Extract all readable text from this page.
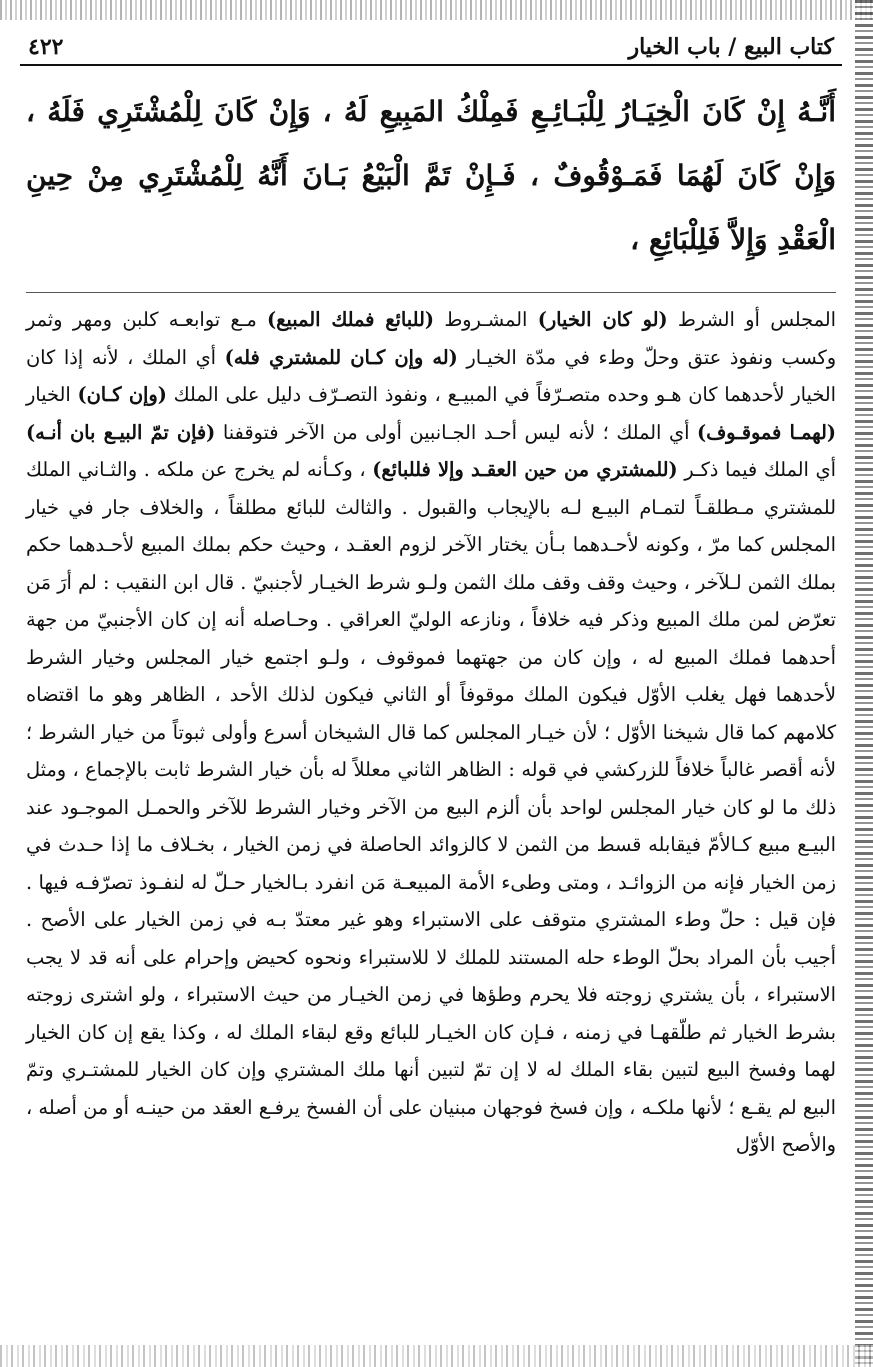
كتاب البيع / باب الخيار
٤٢٢
أَنَّـهُ إِنْ كَانَ الْخِيَـارُ لِلْبَـائِـعِ فَمِلْكُ المَبِيعِ لَهُ ، وَإِنْ كَانَ لِلْمُشْتَرِي فَلَهُ ، وَإِنْ كَانَ لَهُمَا فَمَـوْقُوفٌ ، فَـإِنْ تَمَّ الْبَيْعُ بَـانَ أَنَّهُ لِلْمُشْتَرِي مِنْ حِينِ الْعَقْدِ وَإِلاَّ فَلِلْبَائِعِ ،
المجلس أو الشرط (لو كان الخيار) المشـروط (للبائع فملك المبيع) مـع توابعـه كلبن ومهر وثمر وكسب ونفوذ عتق وحلّ وطء في مدّة الخيـار (له وإن كـان للمشتري فله) أي الملك ، لأنه إذا كان الخيار لأحدهما كان هـو وحده متصـرّفاً في المبيـع ، ونفوذ التصـرّف دليل على الملك (وإن كـان) الخيار (لهمـا فموقـوف) أي الملك ؛ لأنه ليس أحـد الجـانبين أولى من الآخر فتوقفنا (فإن تمّ البيـع بان أنـه) أي الملك فيما ذكـر (للمشتري من حين العقـد وإلا فللبائع) ، وكـأنه لم يخرج عن ملكه . والثـاني الملك للمشتري مـطلقـاً لتمـام البيـع لـه بالإيجاب والقبول . والثالث للبائع مطلقاً ، والخلاف جار في خيار المجلس كما مرّ ، وكونه لأحـدهما بـأن يختار الآخر لزوم العقـد ، وحيث حكم بملك المبيع لأحـدهما حكم بملك الثمن لـلآخر ، وحيث وقف وقف ملك الثمن ولـو شرط الخيـار لأجنبيّ . قال ابن النقيب : لم أرَ مَن تعرّض لمن ملك المبيع وذكر فيه خلافاً ، ونازعه الوليّ العراقي . وحـاصله أنه إن كان الأجنبيّ من جهة أحدهما فملك المبيع له ، وإن كان من جهتهما فموقوف ، ولـو اجتمع خيار المجلس وخيار الشرط لأحدهما فهل يغلب الأوّل فيكون الملك موقوفاً أو الثاني فيكون لذلك الأحد ، الظاهر وهو ما اقتضاه كلامهم كما قال شيخنا الأوّل ؛ لأن خيـار المجلس كما قال الشيخان أسرع وأولى ثبوتاً من خيار الشرط ؛ لأنه أقصر غالباً خلافاً للزركشي في قوله : الظاهر الثاني معللاً له بأن خيار الشرط ثابت بالإجماع ، ومثل ذلك ما لو كان خيار المجلس لواحد بأن ألزم البيع من الآخر وخيار الشرط للآخر والحمـل الموجـود عند البيـع مبيع كـالأمّ فيقابله قسط من الثمن لا كالزوائد الحاصلة في زمن الخيار ، بخـلاف ما إذا حـدث في زمن الخيار فإنه من الزوائـد ، ومتى وطىء الأمة المبيعـة مَن انفرد بـالخيار حـلّ له لنفـوذ تصرّفـه فيها . فإن قيل : حلّ وطء المشتري متوقف على الاستبراء وهو غير معتدّ بـه في زمن الخيار على الأصح . أجيب بأن المراد بحلّ الوطء حله المستند للملك لا للاستبراء ونحوه كحيض وإحرام على أنه قد لا يجب الاستبراء ، بأن يشتري زوجته فلا يحرم وطؤها في زمن الخيـار من حيث الاستبراء ، ولو اشترى زوجته بشرط الخيار ثم طلّقهـا في زمنه ، فـإن كان الخيـار للبائع وقع لبقاء الملك له ، وكذا يقع إن كان الخيار لهما وفسخ البيع لتبين بقاء الملك له لا إن تمّ لتبين أنها ملك المشتري وإن كان الخيار للمشتـري وتمّ البيع لم يقـع ؛ لأنها ملكـه ، وإن فسخ فوجهان مبنيان على أن الفسخ يرفـع العقد من حينـه أو من أصله ، والأصح الأوّل
